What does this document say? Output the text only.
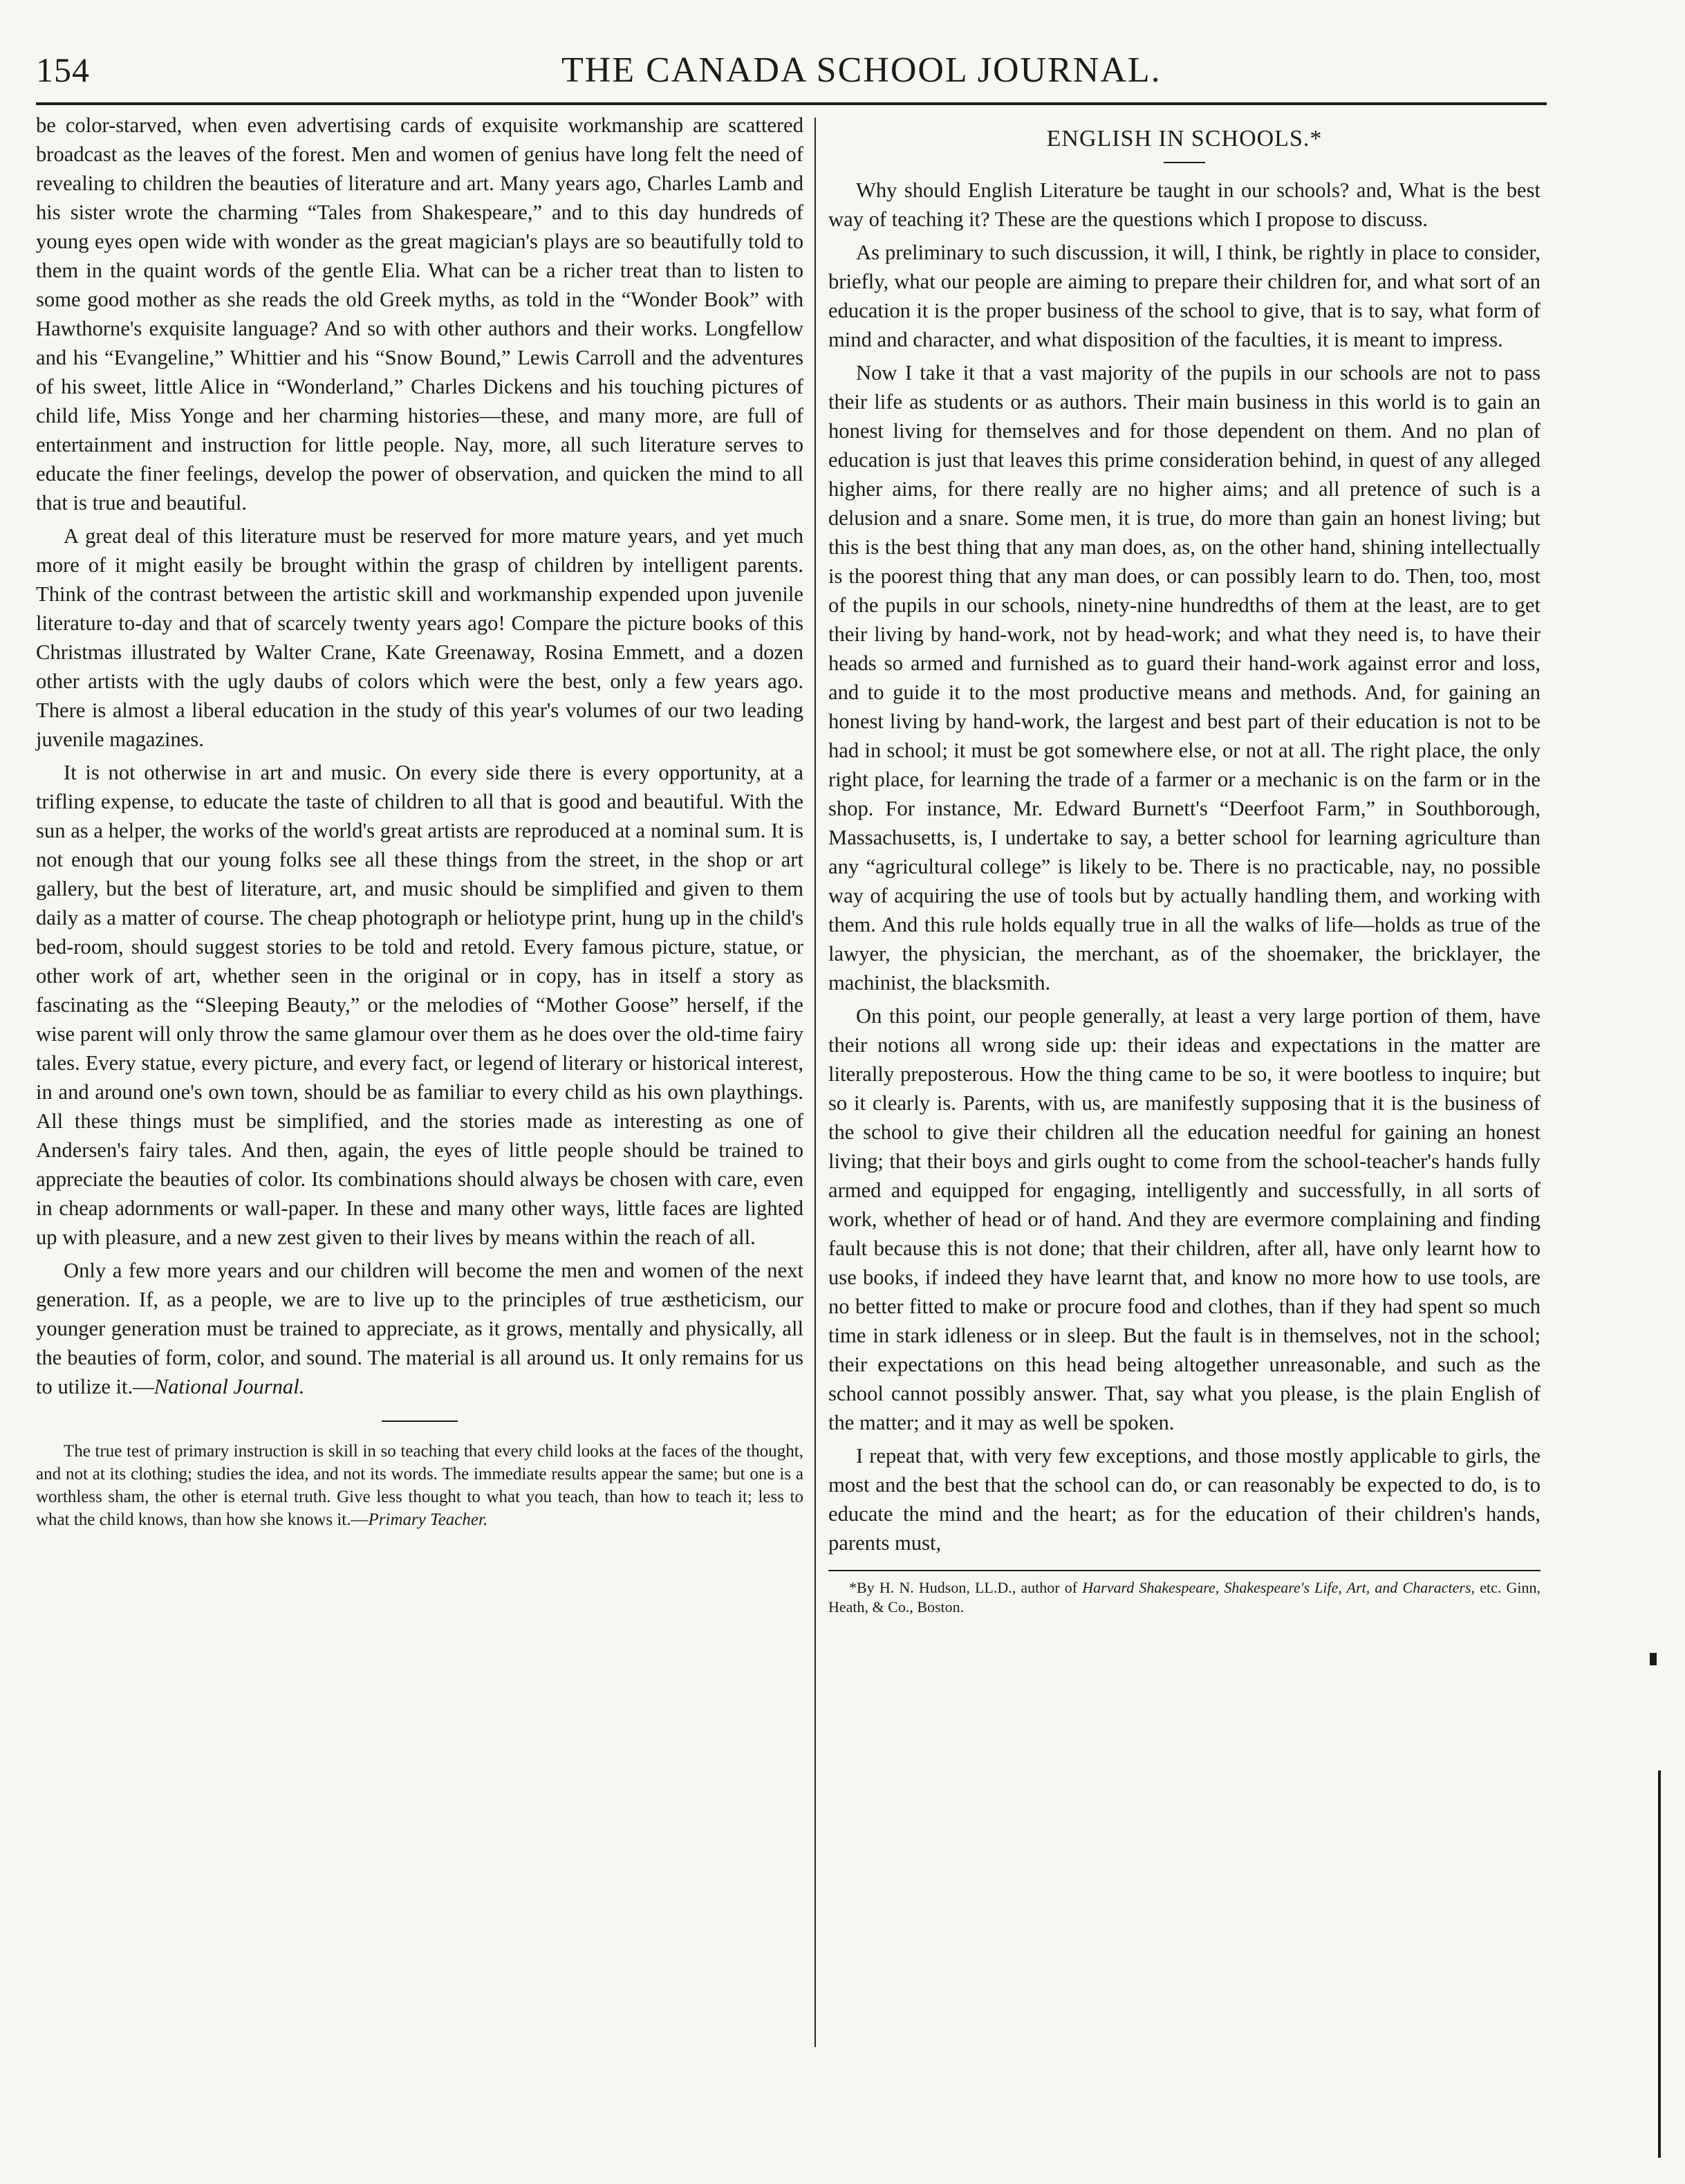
154	THE CANADA SCHOOL JOURNAL.

be color-starved, when even advertising cards of exquisite workmanship are scattered broadcast as the leaves of the forest. Men and women of genius have long felt the need of revealing to children the beauties of literature and art. Many years ago, Charles Lamb and his sister wrote the charming “Tales from Shakespeare,” and to this day hundreds of young eyes open wide with wonder as the great magician's plays are so beautifully told to them in the quaint words of the gentle Elia. What can be a richer treat than to listen to some good mother as she reads the old Greek myths, as told in the “Wonder Book” with Hawthorne's exquisite language? And so with other authors and their works. Longfellow and his “Evangeline,” Whittier and his “Snow Bound,” Lewis Carroll and the adventures of his sweet, little Alice in “Wonderland,” Charles Dickens and his touching pictures of child life, Miss Yonge and her charming histories—these, and many more, are full of entertainment and instruction for little people. Nay, more, all such literature serves to educate the finer feelings, develop the power of observation, and quicken the mind to all that is true and beautiful.

A great deal of this literature must be reserved for more mature years, and yet much more of it might easily be brought within the grasp of children by intelligent parents. Think of the contrast between the artistic skill and workmanship expended upon juvenile literature to-day and that of scarcely twenty years ago! Compare the picture books of this Christmas illustrated by Walter Crane, Kate Greenaway, Rosina Emmett, and a dozen other artists with the ugly daubs of colors which were the best, only a few years ago. There is almost a liberal education in the study of this year's volumes of our two leading juvenile magazines.

It is not otherwise in art and music. On every side there is every opportunity, at a trifling expense, to educate the taste of children to all that is good and beautiful. With the sun as a helper, the works of the world's great artists are reproduced at a nominal sum. It is not enough that our young folks see all these things from the street, in the shop or art gallery, but the best of literature, art, and music should be simplified and given to them daily as a matter of course. The cheap photograph or heliotype print, hung up in the child's bed-room, should suggest stories to be told and retold. Every famous picture, statue, or other work of art, whether seen in the original or in copy, has in itself a story as fascinating as the “Sleeping Beauty,” or the melodies of “Mother Goose” herself, if the wise parent will only throw the same glamour over them as he does over the old-time fairy tales. Every statue, every picture, and every fact, or legend of literary or historical interest, in and around one's own town, should be as familiar to every child as his own playthings. All these things must be simplified, and the stories made as interesting as one of Andersen's fairy tales. And then, again, the eyes of little people should be trained to appreciate the beauties of color. Its combinations should always be chosen with care, even in cheap adornments or wall-paper. In these and many other ways, little faces are lighted up with pleasure, and a new zest given to their lives by means within the reach of all.

Only a few more years and our children will become the men and women of the next generation. If, as a people, we are to live up to the principles of true æstheticism, our younger generation must be trained to appreciate, as it grows, mentally and physically, all the beauties of form, color, and sound. The material is all around us. It only remains for us to utilize it.—National Journal.

The true test of primary instruction is skill in so teaching that every child looks at the faces of the thought, and not at its clothing; studies the idea, and not its words. The immediate results appear the same; but one is a worthless sham, the other is eternal truth. Give less thought to what you teach, than how to teach it; less to what the child knows, than how she knows it.—Primary Teacher.
ENGLISH IN SCHOOLS.*

Why should English Literature be taught in our schools? and, What is the best way of teaching it? These are the questions which I propose to discuss.

As preliminary to such discussion, it will, I think, be rightly in place to consider, briefly, what our people are aiming to prepare their children for, and what sort of an education it is the proper business of the school to give, that is to say, what form of mind and character, and what disposition of the faculties, it is meant to impress.

Now I take it that a vast majority of the pupils in our schools are not to pass their life as students or as authors. Their main business in this world is to gain an honest living for themselves and for those dependent on them. And no plan of education is just that leaves this prime consideration behind, in quest of any alleged higher aims, for there really are no higher aims; and all pretence of such is a delusion and a snare. Some men, it is true, do more than gain an honest living; but this is the best thing that any man does, as, on the other hand, shining intellectually is the poorest thing that any man does, or can possibly learn to do. Then, too, most of the pupils in our schools, ninety-nine hundredths of them at the least, are to get their living by hand-work, not by head-work; and what they need is, to have their heads so armed and furnished as to guard their hand-work against error and loss, and to guide it to the most productive means and methods. And, for gaining an honest living by hand-work, the largest and best part of their education is not to be had in school; it must be got somewhere else, or not at all. The right place, the only right place, for learning the trade of a farmer or a mechanic is on the farm or in the shop. For instance, Mr. Edward Burnett's “Deerfoot Farm,” in Southborough, Massachusetts, is, I undertake to say, a better school for learning agriculture than any “agricultural college” is likely to be. There is no practicable, nay, no possible way of acquiring the use of tools but by actually handling them, and working with them. And this rule holds equally true in all the walks of life—holds as true of the lawyer, the physician, the merchant, as of the shoemaker, the bricklayer, the machinist, the blacksmith.

On this point, our people generally, at least a very large portion of them, have their notions all wrong side up: their ideas and expectations in the matter are literally preposterous. How the thing came to be so, it were bootless to inquire; but so it clearly is. Parents, with us, are manifestly supposing that it is the business of the school to give their children all the education needful for gaining an honest living; that their boys and girls ought to come from the school-teacher's hands fully armed and equipped for engaging, intelligently and successfully, in all sorts of work, whether of head or of hand. And they are evermore complaining and finding fault because this is not done; that their children, after all, have only learnt how to use books, if indeed they have learnt that, and know no more how to use tools, are no better fitted to make or procure food and clothes, than if they had spent so much time in stark idleness or in sleep. But the fault is in themselves, not in the school; their expectations on this head being altogether unreasonable, and such as the school cannot possibly answer. That, say what you please, is the plain English of the matter; and it may as well be spoken.

I repeat that, with very few exceptions, and those mostly applicable to girls, the most and the best that the school can do, or can reasonably be expected to do, is to educate the mind and the heart; as for the education of their children's hands, parents must,

*By H. N. Hudson, LL.D., author of Harvard Shakespeare, Shakespeare's Life, Art, and Characters, etc. Ginn, Heath, & Co., Boston.
